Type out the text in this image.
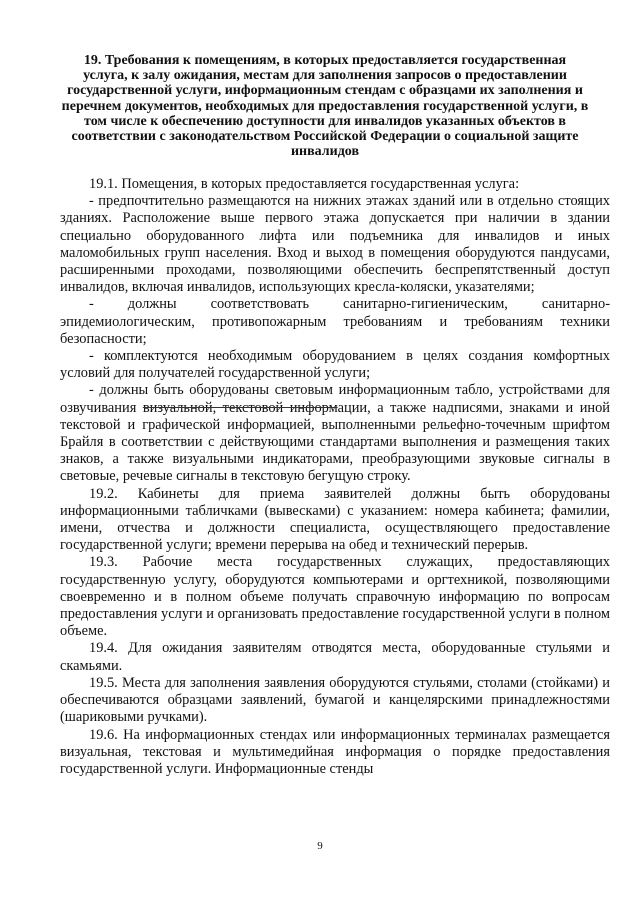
19. Требования к помещениям, в которых предоставляется государственная услуга, к залу ожидания, местам для заполнения запросов о предоставлении государственной услуги, информационным стендам с образцами их заполнения и перечнем документов, необходимых для предоставления государственной услуги, в том числе к обеспечению доступности для инвалидов указанных объектов в соответствии с законодательством Российской Федерации о социальной защите инвалидов

19.1. Помещения, в которых предоставляется государственная услуга:

- предпочтительно размещаются на нижних этажах зданий или в отдельно стоящих зданиях. Расположение выше первого этажа допускается при наличии в здании специально оборудованного лифта или подъемника для инвалидов и иных маломобильных групп населения. Вход и выход в помещения оборудуются пандусами, расширенными проходами, позволяющими обеспечить беспрепятственный доступ инвалидов, включая инвалидов, использующих кресла-коляски, указателями;

- должны соответствовать санитарно-гигиеническим, санитарно-эпидемиологическим, противопожарным требованиям и требованиям техники безопасности;

- комплектуются необходимым оборудованием в целях создания комфортных условий для получателей государственной услуги;

- должны быть оборудованы световым информационным табло, устройствами для озвучивания визуальной, текстовой информации, а также надписями, знаками и иной текстовой и графической информацией, выполненными рельефно-точечным шрифтом Брайля в соответствии с действующими стандартами выполнения и размещения таких знаков, а также визуальными индикаторами, преобразующими звуковые сигналы в световые, речевые сигналы в текстовую бегущую строку.

19.2. Кабинеты для приема заявителей должны быть оборудованы информационными табличками (вывесками) с указанием: номера кабинета; фамилии, имени, отчества и должности специалиста, осуществляющего предоставление государственной услуги; времени перерыва на обед и технический перерыв.

19.3. Рабочие места государственных служащих, предоставляющих государственную услугу, оборудуются компьютерами и оргтехникой, позволяющими своевременно и в полном объеме получать справочную информацию по вопросам предоставления услуги и организовать предоставление государственной услуги в полном объеме.

19.4. Для ожидания заявителям отводятся места, оборудованные стульями и скамьями.

19.5. Места для заполнения заявления оборудуются стульями, столами (стойками) и обеспечиваются образцами заявлений, бумагой и канцелярскими принадлежностями (шариковыми ручками).

19.6. На информационных стендах или информационных терминалах размещается визуальная, текстовая и мультимедийная информация о порядке предоставления государственной услуги. Информационные стенды

9
